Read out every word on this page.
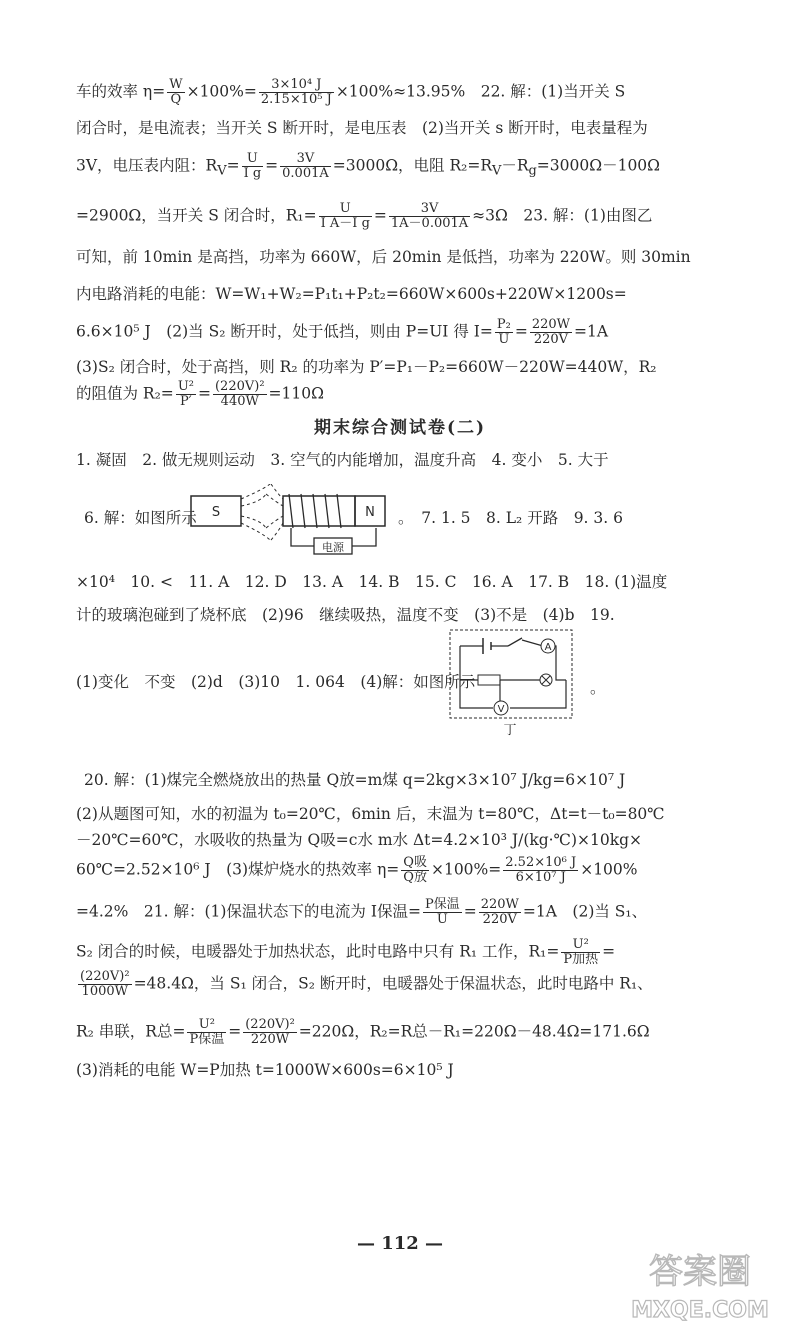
车的效率 $\eta= \frac{W}{Q} \times 100\%= \frac{\text{3×10⁴ J}}{\text{2.15×10⁵ J}} \times 100\%\approx 13.95\%$　22. 解：(1)当开关 S
闭合时，是电流表；当开关 S 断开时，是电压表　(2)当开关 s 断开时，电表量程为
3V，电压表内阻：$R_V= \frac{U}{\text{I g}} = \frac{3V}{0.001A} =3000\Omega$，电阻 $R_2=R_V-R_g=3000\Omega-100\Omega$
=2900Ω，当开关 S 闭合时，$R_1= \frac{U}{\text{I A－I g}} = \frac{3V}{1A-0.001A} \approx 3\Omega$　23. 解：(1)由图乙
可知，前 10min 是高挡，功率为 660W，后 20min 是低挡，功率为 220W。则 30min
内电路消耗的电能：W=W₁+W₂=P₁t₁+P₂t₂=660W×600s+220W×1200s=
6.6×10⁵ J　(2)当 S₂ 断开时，处于低挡，则由 P=UI 得 $I= \frac{\text{P₂}}{U} = \frac{220W}{220V} =1A$
(3)S₂ 闭合时，处于高挡，则 R₂ 的功率为 P′=P₁－P₂=660W－220W=440W，R₂
的阻值为 $R_2= \frac{\text{U²}}{P'} = \frac{\text{(220V)²}}{440W} =110\Omega$
期末综合测试卷(二)
1. 凝固　2. 做无规则运动　3. 空气的内能增加，温度升高　4. 变小　5. 大于
6. 解：如图所示 S	N
电源
。　7. 1. 5　8. L₂ 开路　9. 3. 6
×10⁴　10. <　11. A　12. D　13. A　14. B　15. C　16. A　17. B　18. (1)温度
计的玻璃泡碰到了烧杯底　(2)96　继续吸热，温度不变　(3)不是　(4)b　19.
(1)变化　不变　(2)d　(3)10　1. 064　(4)解：如图所示
A
V
丁
。
20. 解：(1)煤完全燃烧放出的热量 Q放=m煤 q=2kg×3×10⁷ J/kg=6×10⁷ J
(2)从题图可知，水的初温为 t₀=20℃，6min 后，末温为 t=80℃，Δt=t－t₀=80℃
－20℃=60℃，水吸收的热量为 Q吸=c水 m水 Δt=4.2×10³ J/(kg·℃)×10kg×
60℃=2.52×10⁶ J　(3)煤炉烧水的热效率 $\eta= \frac{\text{Q吸}}{\text{Q放}} \times 100\%= \frac{\text{2.52×10⁶ J}}{\text{6×10⁷ J}} \times 100\%$
=4.2%　21. 解：(1)保温状态下的电流为 I保温= $\frac{\text{P保温}}{U} = \frac{220W}{220V} =1A$　(2)当 S₁、
S₂ 闭合的时候，电暖器处于加热状态，此时电路中只有 R₁ 工作，$R_1= \frac{\text{U²}}{\text{P加热}}$ =
$\frac{\text{(220V)²}}{1000W} =48.4\Omega$，当 S₁ 闭合，S₂ 断开时，电暖器处于保温状态，此时电路中 R₁、
R₂ 串联，R总= $\frac{\text{U²}}{\text{P保温}} = \frac{\text{(220V)²}}{220W} =220\Omega$，R₂=R总－R₁=220Ω－48.4Ω=171.6Ω
(3)消耗的电能 W=P加热 t=1000W×600s=6×10⁵ J
— 112 —
答案圈
MXQE.COM
